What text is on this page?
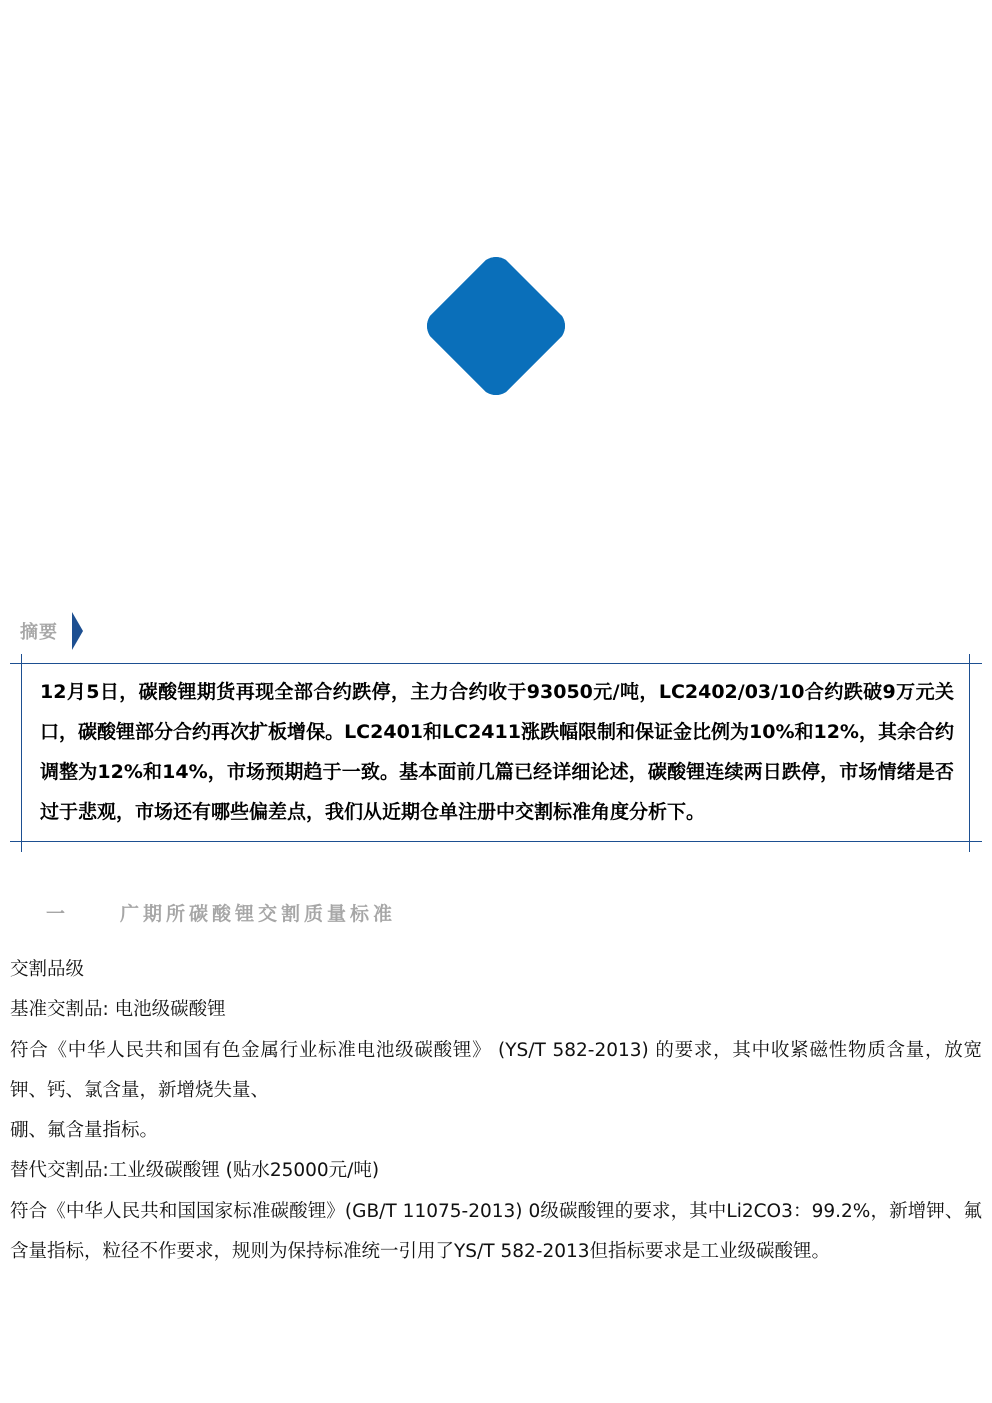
摘要

12月5日，碳酸锂期货再现全部合约跌停，主力合约收于93050元/吨，LC2402/03/10合约跌破9万元关口，碳酸锂部分合约再次扩板增保。LC2401和LC2411涨跌幅限制和保证金比例为10%和12%，其余合约调整为12%和14%，市场预期趋于一致。基本面前几篇已经详细论述，碳酸锂连续两日跌停，市场情绪是否过于悲观，市场还有哪些偏差点，我们从近期仓单注册中交割标准角度分析下。

一	广期所碳酸锂交割质量标准

交割品级

基准交割品: 电池级碳酸锂

符合《中华人民共和国有色金属行业标准电池级碳酸锂》 (YS/T 582-2013) 的要求，其中收紧磁性物质含量，放宽钾、钙、氯含量，新增烧失量、

硼、氟含量指标。

替代交割品:工业级碳酸锂 (贴水25000元/吨)

符合《中华人民共和国国家标准碳酸锂》(GB/T 11075-2013) 0级碳酸锂的要求，其中Li2CO3：99.2%，新增钾、氟含量指标，粒径不作要求，规则为保持标准统一引用了YS/T 582-2013但指标要求是工业级碳酸锂。
